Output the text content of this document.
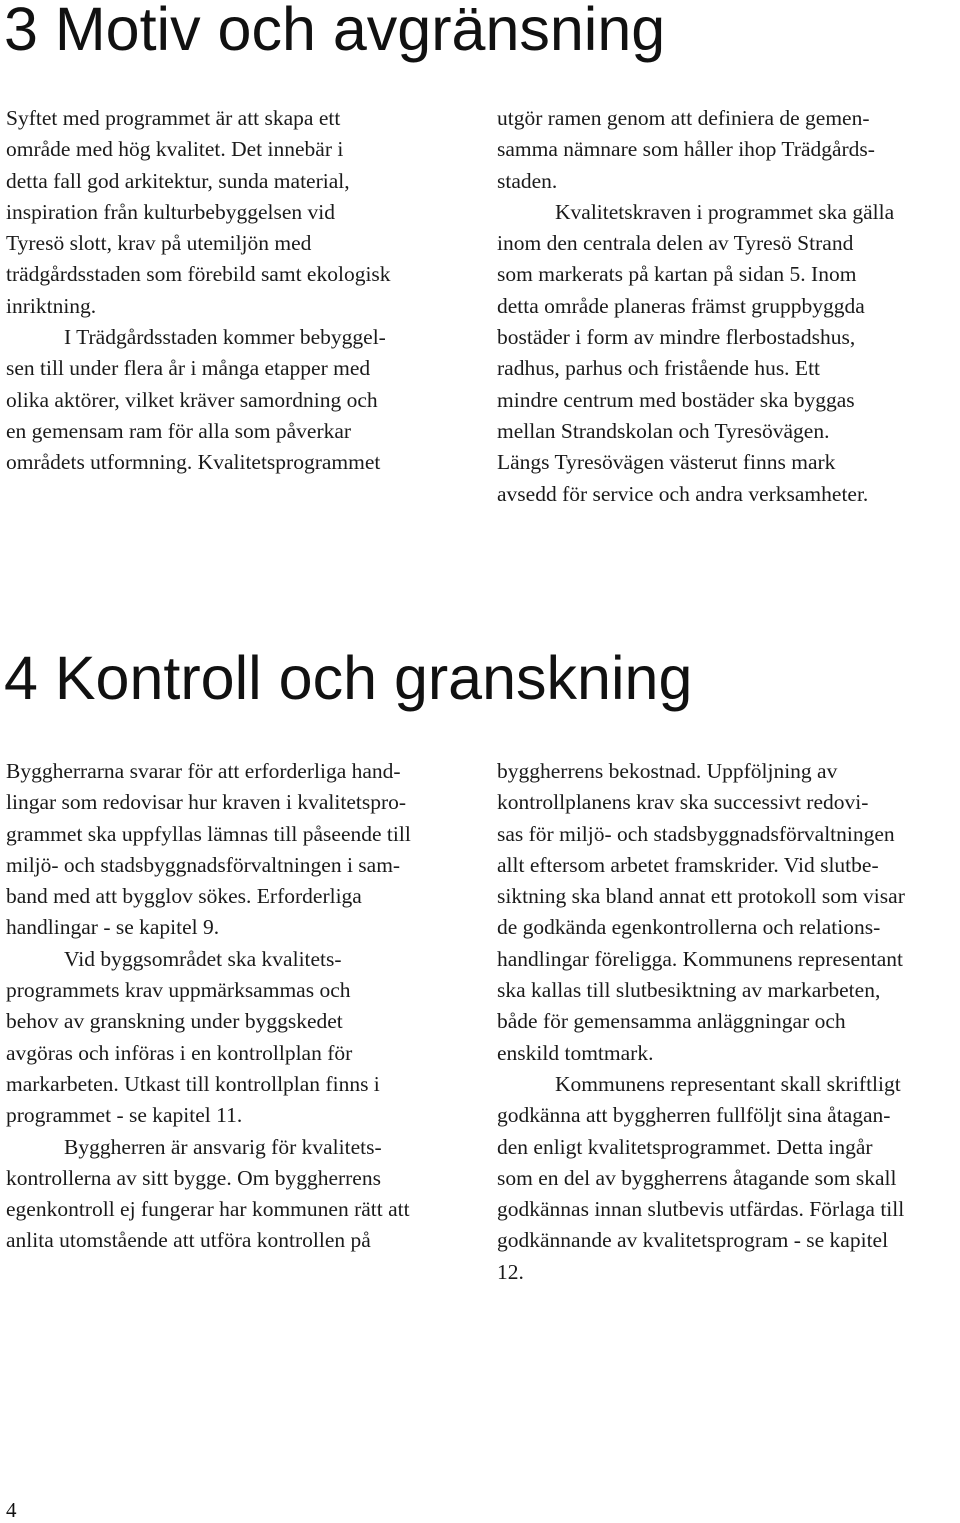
3 Motiv och avgränsning

Syftet med programmet är att skapa ett
område med hög kvalitet. Det innebär i
detta fall god arkitektur, sunda material,
inspiration från kulturbebyggelsen vid
Tyresö slott, krav på utemiljön med
trädgårdsstaden som förebild samt ekologisk
inriktning.

I Trädgårdsstaden kommer bebyggel-
sen till under flera år i många etapper med
olika aktörer, vilket kräver samordning och
en gemensam ram för alla som påverkar
områdets utformning. Kvalitetsprogrammet

utgör ramen genom att definiera de gemen-
samma nämnare som håller ihop Trädgårds-
staden.

Kvalitetskraven i programmet ska gälla
inom den centrala delen av Tyresö Strand
som markerats på kartan på sidan 5. Inom
detta område planeras främst gruppbyggda
bostäder i form av mindre flerbostadshus,
radhus, parhus och fristående hus. Ett
mindre centrum med bostäder ska byggas
mellan Strandskolan och Tyresövägen.
Längs Tyresövägen västerut finns mark
avsedd för service och andra verksamheter.

4 Kontroll och granskning

Byggherrarna svarar för att erforderliga hand-
lingar som redovisar hur kraven i kvalitetspro-
grammet ska uppfyllas lämnas till påseende till
miljö- och stadsbyggnadsförvaltningen i sam-
band med att bygglov sökes. Erforderliga
handlingar - se kapitel 9.

Vid byggsområdet ska kvalitets-
programmets krav uppmärksammas och
behov av granskning under byggskedet
avgöras och införas i en kontrollplan för
markarbeten. Utkast till kontrollplan finns i
programmet - se kapitel 11.

Byggherren är ansvarig för kvalitets-
kontrollerna av sitt bygge. Om byggherrens
egenkontroll ej fungerar har kommunen rätt att
anlita utomstående att utföra kontrollen på

byggherrens bekostnad. Uppföljning av
kontrollplanens krav ska successivt redovi-
sas för miljö- och stadsbyggnadsförvaltningen
allt eftersom arbetet framskrider. Vid slutbe-
siktning ska bland annat ett protokoll som visar
de godkända egenkontrollerna och relations-
handlingar föreligga. Kommunens representant
ska kallas till slutbesiktning av markarbeten,
både för gemensamma anläggningar och
enskild tomtmark.

Kommunens representant skall skriftligt
godkänna att byggherren fullföljt sina åtagan-
den enligt kvalitetsprogrammet. Detta ingår
som en del av byggherrens åtagande som skall
godkännas innan slutbevis utfärdas. Förlaga till
godkännande av kvalitetsprogram - se kapitel
12.

4
